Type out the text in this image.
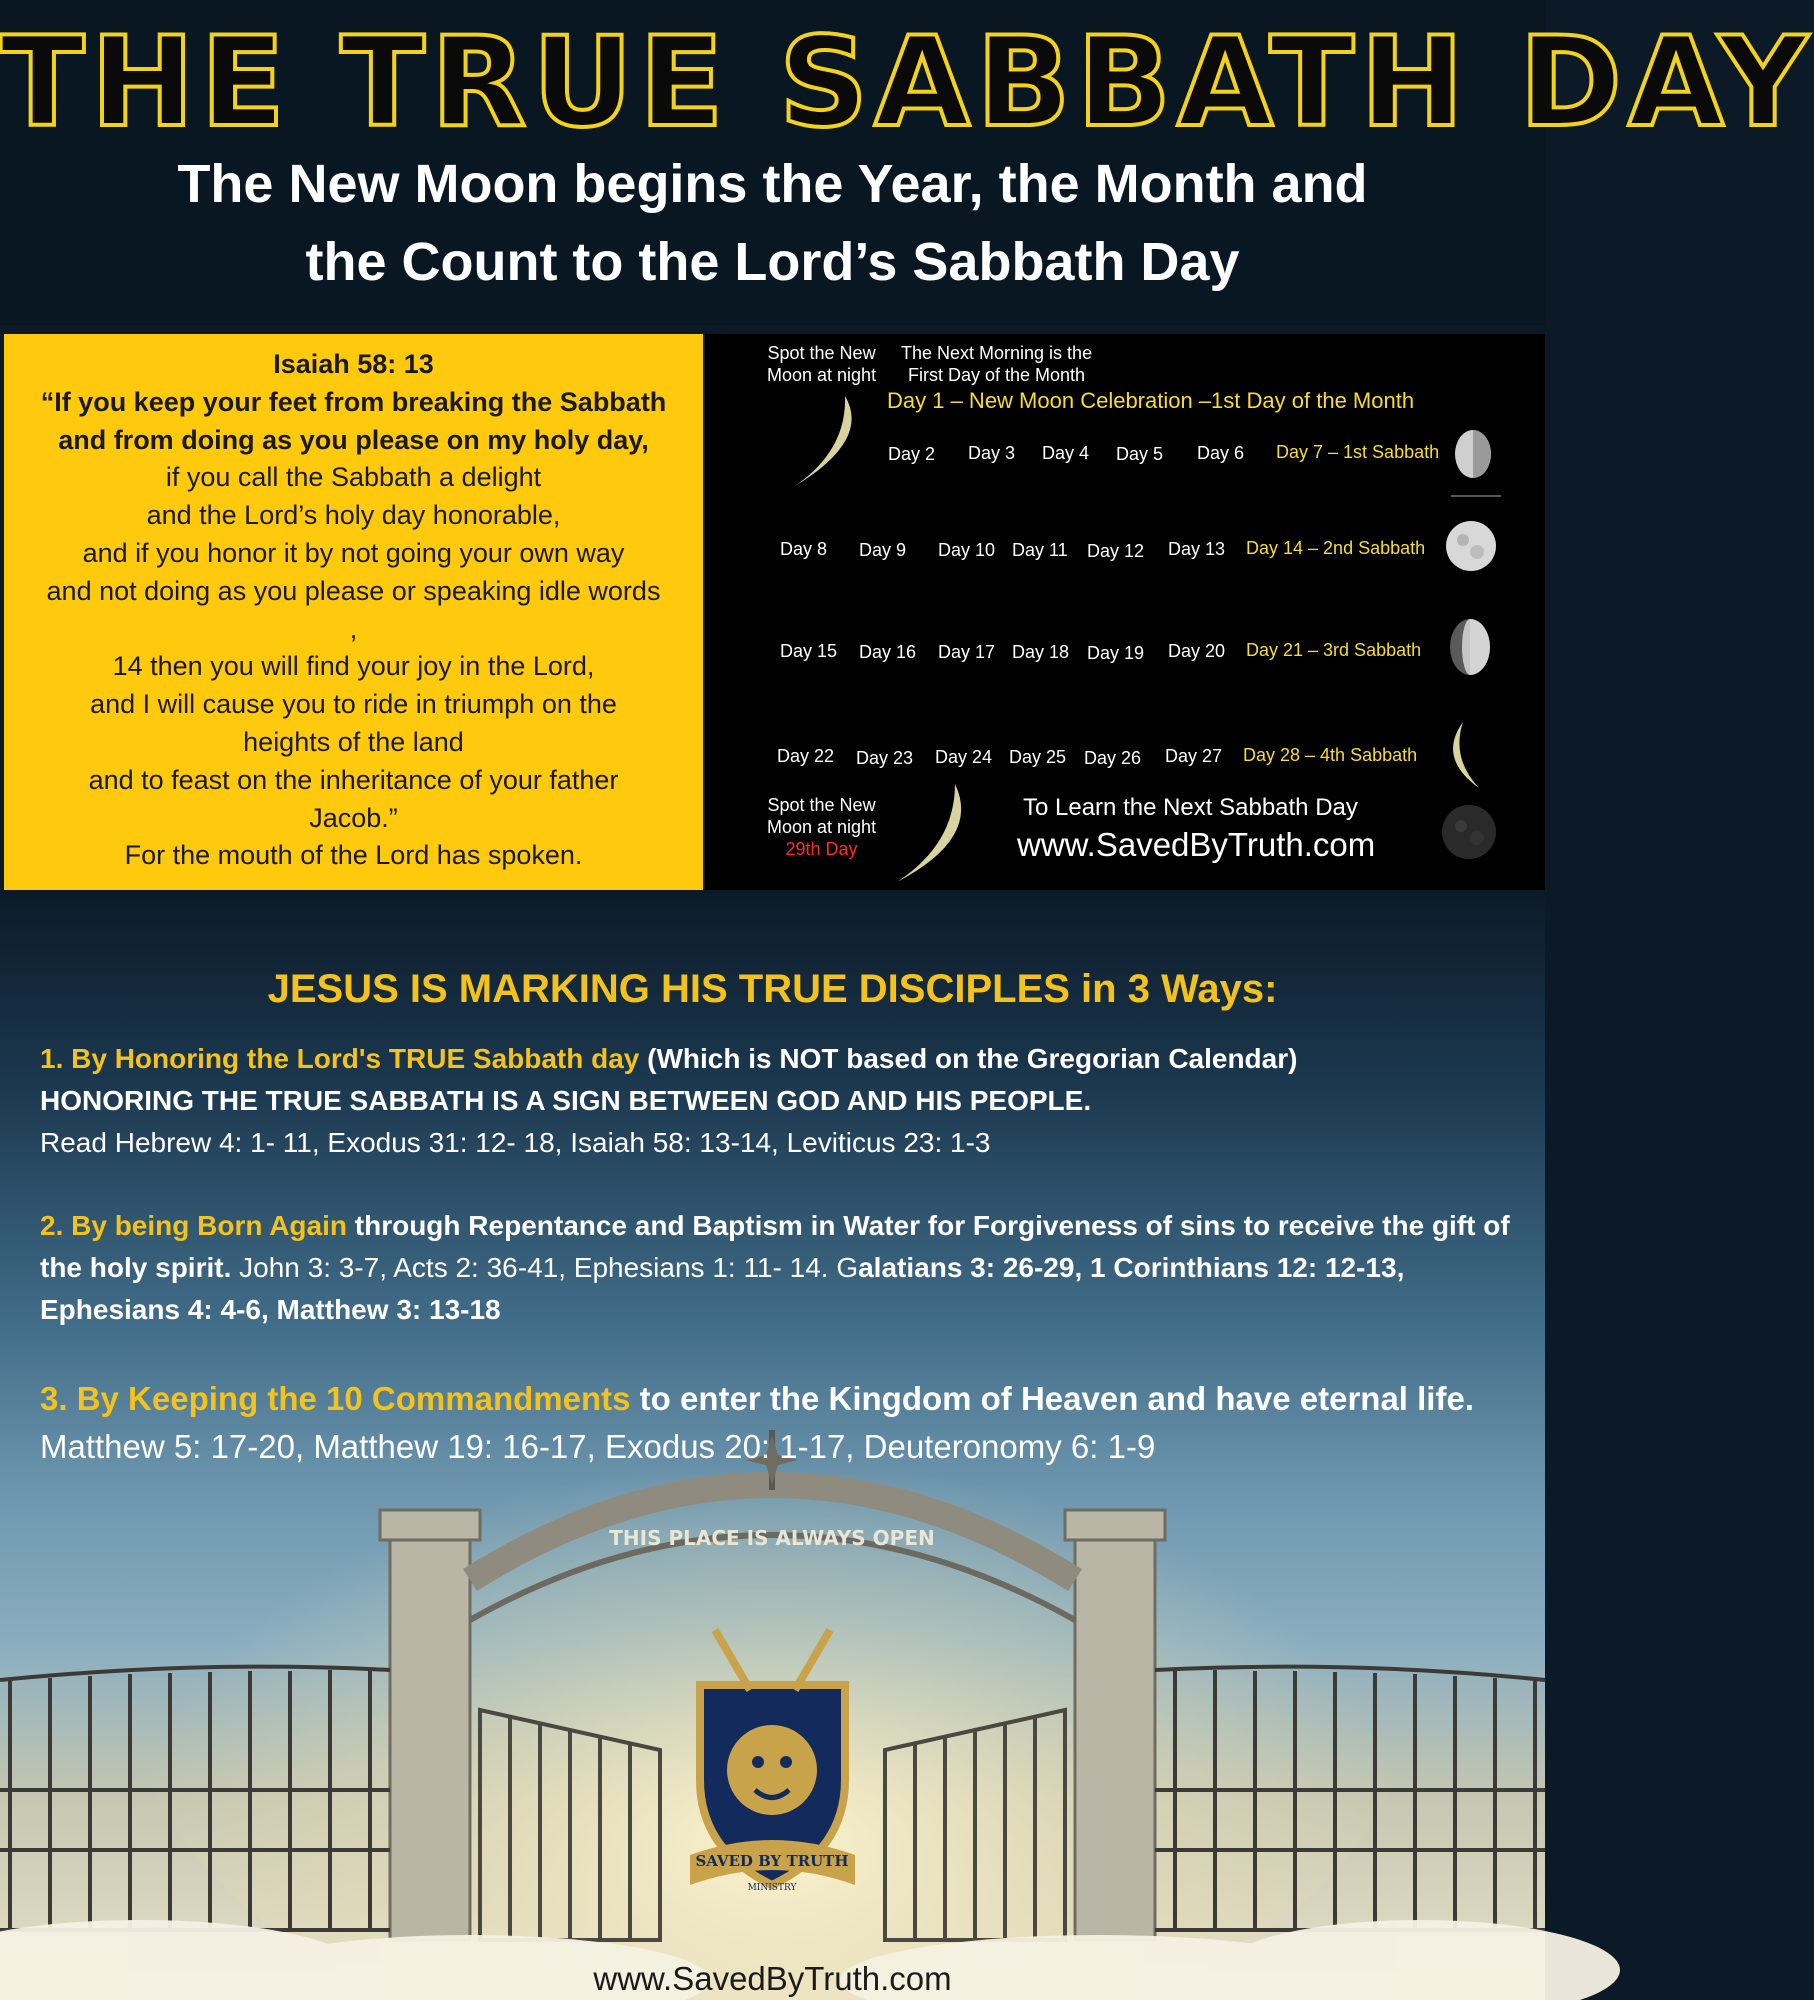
THE TRUE SABBATH DAY
The New Moon begins the Year, the Month and
the Count to the Lord’s Sabbath Day
Isaiah 58: 13
“If you keep your feet from breaking the Sabbath
and from doing as you please on my holy day,
if you call the Sabbath a delight
and the Lord’s holy day honorable,
and if you honor it by not going your own way
and not doing as you please or speaking idle words
,
14 then you will find your joy in the Lord,
and I will cause you to ride in triumph on the
heights of the land
and to feast on the inheritance of your father
Jacob.”
For the mouth of the Lord has spoken.
Spot the New
Moon at night
The Next Morning is the
First Day of the Month
Day 1 – New Moon Celebration –1st Day of the Month
Day 2 Day 3 Day 4 Day 5 Day 6 Day 7 – 1st Sabbath
Day 8 Day 9 Day 10 Day 11 Day 12 Day 13 Day 14 – 2nd Sabbath
Day 15 Day 16 Day 17 Day 18 Day 19 Day 20 Day 21 – 3rd Sabbath
Day 22 Day 23 Day 24 Day 25 Day 26 Day 27 Day 28 – 4th Sabbath
Spot the New
Moon at night
29th Day
To Learn the Next Sabbath Day
www.SavedByTruth.com
THIS PLACE IS ALWAYS OPEN
SAVED BY TRUTH
MINISTRY
JESUS IS MARKING HIS TRUE DISCIPLES in 3 Ways:
1. By Honoring the Lord's TRUE Sabbath day (Which is NOT based on the Gregorian Calendar)
HONORING THE TRUE SABBATH IS A SIGN BETWEEN GOD AND HIS PEOPLE.
Read Hebrew 4: 1- 11, Exodus 31: 12- 18, Isaiah 58: 13-14, Leviticus 23: 1-3
2. By being Born Again through Repentance and Baptism in Water for Forgiveness of sins to receive the gift of the holy spirit. John 3: 3-7, Acts 2: 36-41, Ephesians 1: 11- 14. Galatians 3: 26-29, 1 Corinthians 12: 12-13, Ephesians 4: 4-6, Matthew 3: 13-18
3. By Keeping the 10 Commandments to enter the Kingdom of Heaven and have eternal life. Matthew 5: 17-20, Matthew 19: 16-17, Exodus 20: 1-17, Deuteronomy 6: 1-9
www.SavedByTruth.com
